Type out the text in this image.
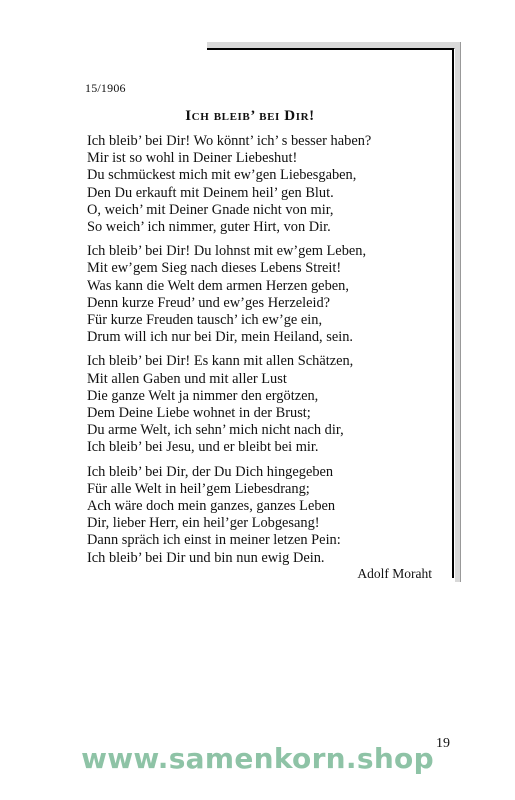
15/1906
Ich bleib’ bei Dir!
Ich bleib’ bei Dir! Wo könnt’ ich’ s besser haben?
Mir ist so wohl in Deiner Liebeshut!
Du schmückest mich mit ew’gen Liebesgaben,
Den Du erkauft mit Deinem heil’ gen Blut.
O, weich’ mit Deiner Gnade nicht von mir,
So weich’ ich nimmer, guter Hirt, von Dir.
Ich bleib’ bei Dir! Du lohnst mit ew’gem Leben,
Mit ew’gem Sieg nach dieses Lebens Streit!
Was kann die Welt dem armen Herzen geben,
Denn kurze Freud’ und ew’ges Herzeleid?
Für kurze Freuden tausch’ ich ew’ge ein,
Drum will ich nur bei Dir, mein Heiland, sein.
Ich bleib’ bei Dir! Es kann mit allen Schätzen,
Mit allen Gaben und mit aller Lust
Die ganze Welt ja nimmer den ergötzen,
Dem Deine Liebe wohnet in der Brust;
Du arme Welt, ich sehn’ mich nicht nach dir,
Ich bleib’ bei Jesu, und er bleibt bei mir.
Ich bleib’ bei Dir, der Du Dich hingegeben
Für alle Welt in heil’gem Liebesdrang;
Ach wäre doch mein ganzes, ganzes Leben
Dir, lieber Herr, ein heil’ger Lobgesang!
Dann spräch ich einst in meiner letzen Pein:
Ich bleib’ bei Dir und bin nun ewig Dein.
Adolf Moraht
19
www.samenkorn.shop
